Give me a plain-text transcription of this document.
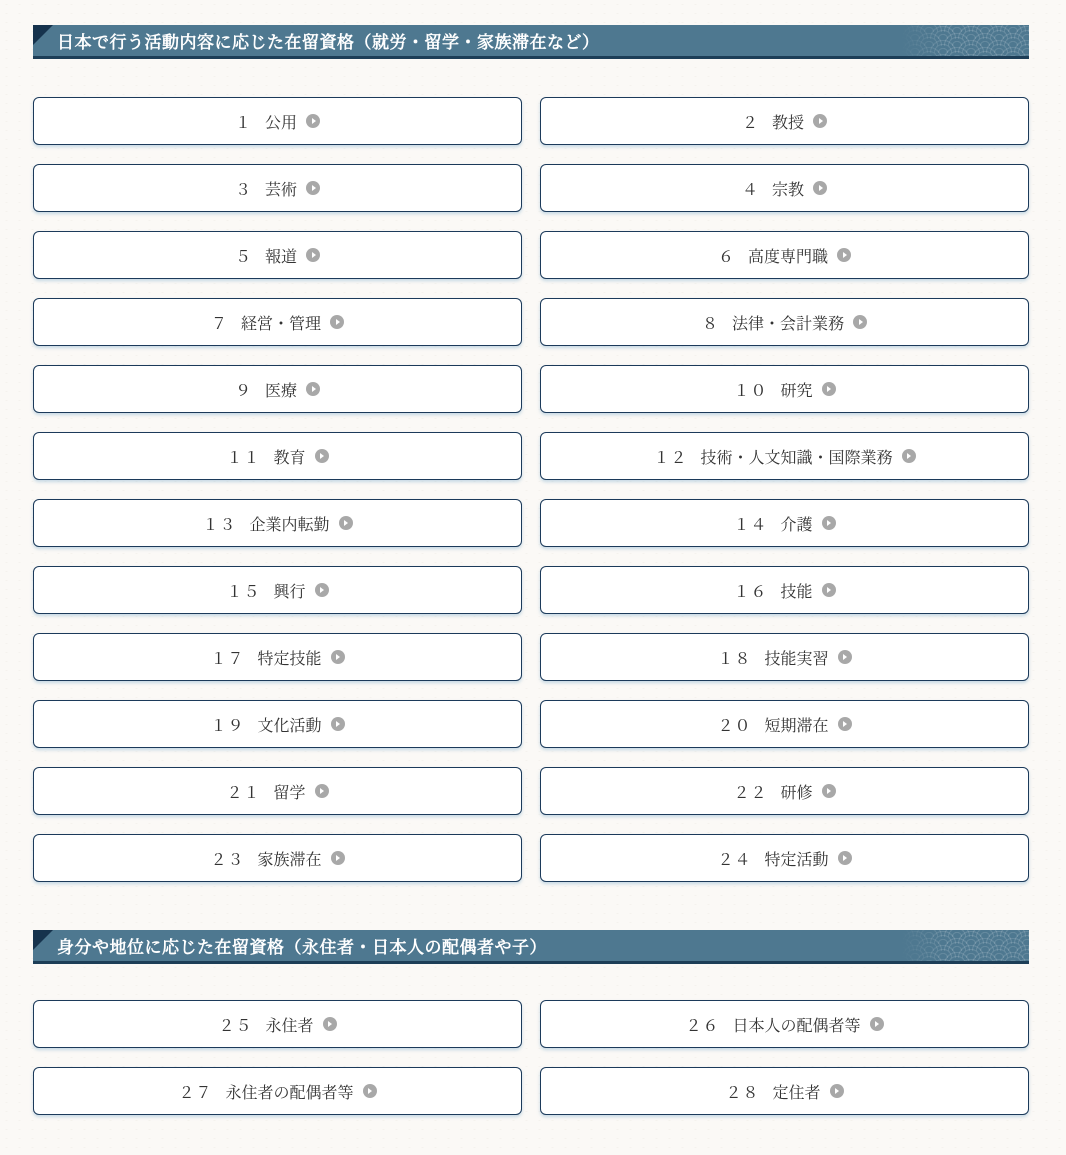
日本で行う活動内容に応じた在留資格（就労・留学・家族滞在など）
１ 公用	２ 教授
３ 芸術	４ 宗教
５ 報道	６ 高度専門職
７ 経営・管理	８ 法律・会計業務
９ 医療	１０ 研究
１１ 教育	１２ 技術・人文知識・国際業務
１３ 企業内転勤	１４ 介護
１５ 興行	１６ 技能
１７ 特定技能	１８ 技能実習
１９ 文化活動	２０ 短期滞在
２１ 留学	２２ 研修
２３ 家族滞在	２４ 特定活動
身分や地位に応じた在留資格（永住者・日本人の配偶者や子）
２５ 永住者	２６ 日本人の配偶者等
２７ 永住者の配偶者等	２８ 定住者
